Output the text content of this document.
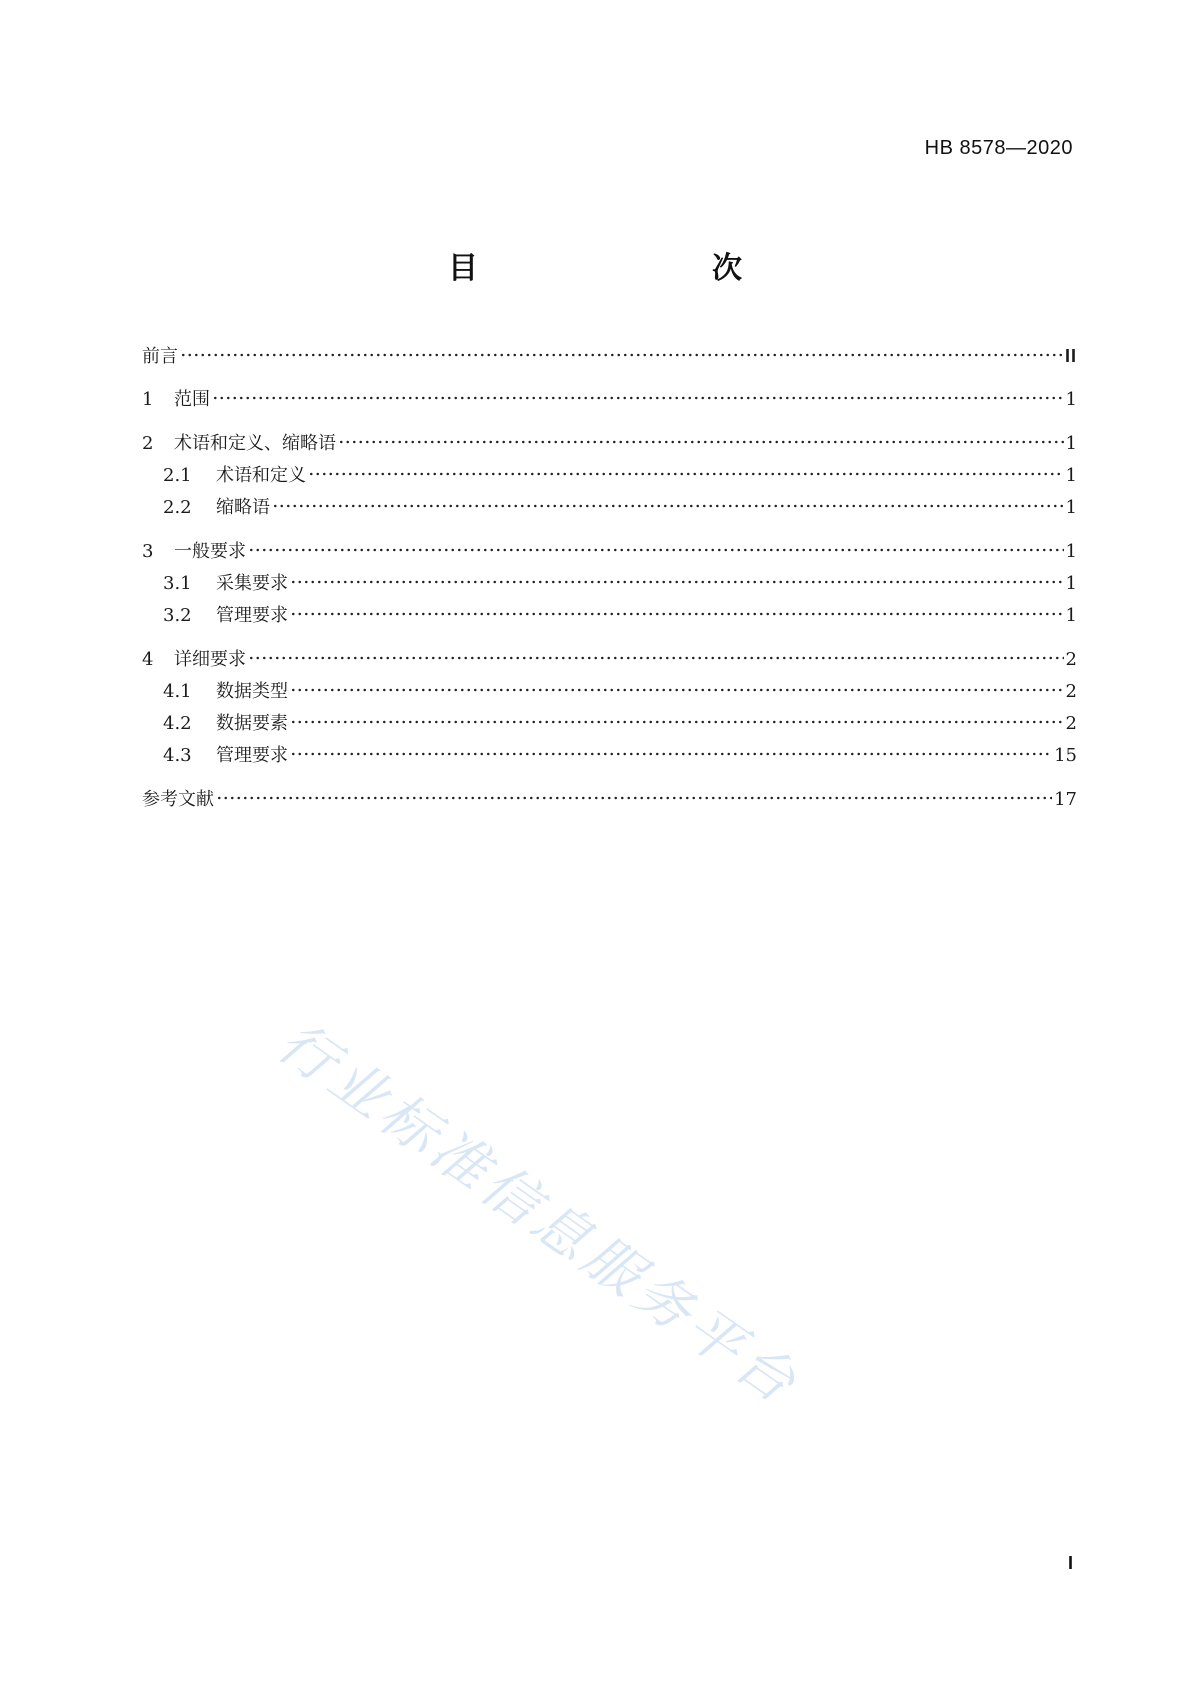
HB 8578—2020
目　　次
前言	II
1	范围	1
2	术语和定义、缩略语	1
2.1	术语和定义	1
2.2	缩略语	1
3	一般要求	1
3.1	采集要求	1
3.2	管理要求	1
4	详细要求	2
4.1	数据类型	2
4.2	数据要素	2
4.3	管理要求	15
参考文献	17
行业标准信息服务平台
I
